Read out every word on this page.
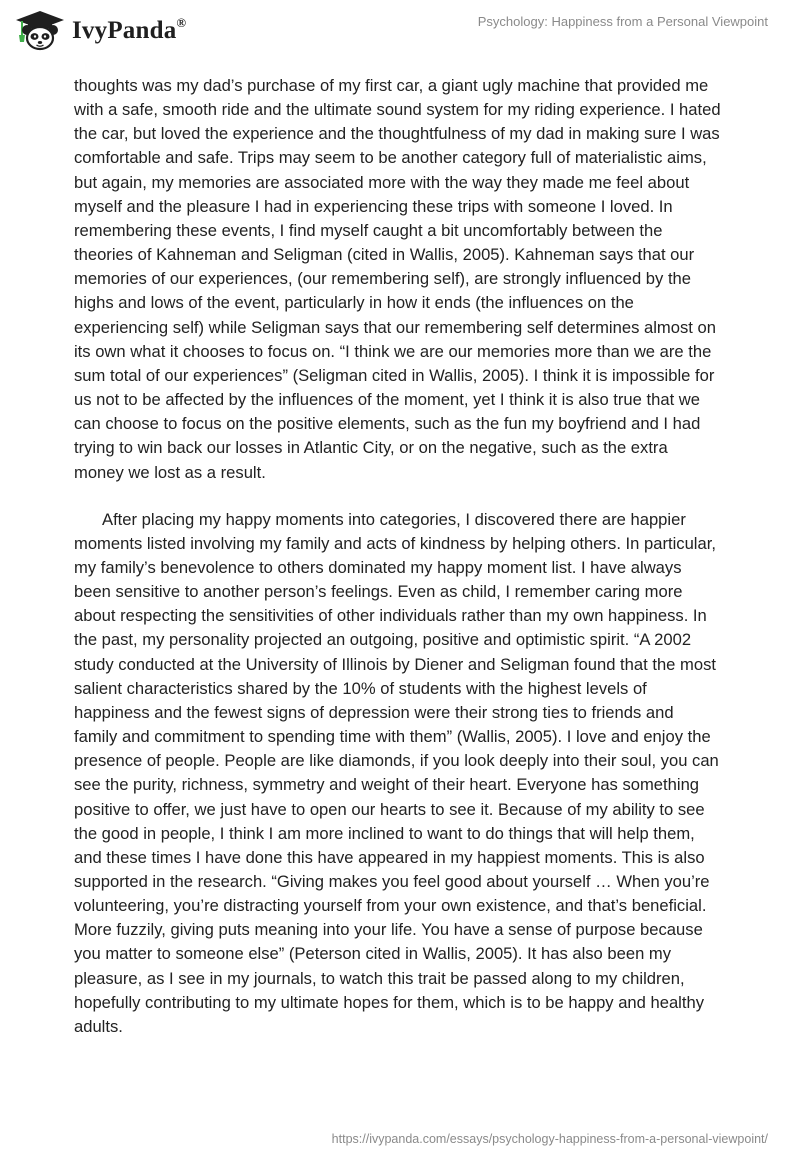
IvyPanda®	Psychology: Happiness from a Personal Viewpoint

thoughts was my dad’s purchase of my first car, a giant ugly machine that provided me
with a safe, smooth ride and the ultimate sound system for my riding experience. I hated
the car, but loved the experience and the thoughtfulness of my dad in making sure I was
comfortable and safe. Trips may seem to be another category full of materialistic aims,
but again, my memories are associated more with the way they made me feel about
myself and the pleasure I had in experiencing these trips with someone I loved. In
remembering these events, I find myself caught a bit uncomfortably between the
theories of Kahneman and Seligman (cited in Wallis, 2005). Kahneman says that our
memories of our experiences, (our remembering self), are strongly influenced by the
highs and lows of the event, particularly in how it ends (the influences on the
experiencing self) while Seligman says that our remembering self determines almost on
its own what it chooses to focus on. “I think we are our memories more than we are the
sum total of our experiences” (Seligman cited in Wallis, 2005). I think it is impossible for
us not to be affected by the influences of the moment, yet I think it is also true that we
can choose to focus on the positive elements, such as the fun my boyfriend and I had
trying to win back our losses in Atlantic City, or on the negative, such as the extra
money we lost as a result.

After placing my happy moments into categories, I discovered there are happier
moments listed involving my family and acts of kindness by helping others. In particular,
my family’s benevolence to others dominated my happy moment list. I have always
been sensitive to another person’s feelings. Even as child, I remember caring more
about respecting the sensitivities of other individuals rather than my own happiness. In
the past, my personality projected an outgoing, positive and optimistic spirit. “A 2002
study conducted at the University of Illinois by Diener and Seligman found that the most
salient characteristics shared by the 10% of students with the highest levels of
happiness and the fewest signs of depression were their strong ties to friends and
family and commitment to spending time with them” (Wallis, 2005). I love and enjoy the
presence of people. People are like diamonds, if you look deeply into their soul, you can
see the purity, richness, symmetry and weight of their heart. Everyone has something
positive to offer, we just have to open our hearts to see it. Because of my ability to see
the good in people, I think I am more inclined to want to do things that will help them,
and these times I have done this have appeared in my happiest moments. This is also
supported in the research. “Giving makes you feel good about yourself … When you’re
volunteering, you’re distracting yourself from your own existence, and that’s beneficial.
More fuzzily, giving puts meaning into your life. You have a sense of purpose because
you matter to someone else” (Peterson cited in Wallis, 2005). It has also been my
pleasure, as I see in my journals, to watch this trait be passed along to my children,
hopefully contributing to my ultimate hopes for them, which is to be happy and healthy
adults.

https://ivypanda.com/essays/psychology-happiness-from-a-personal-viewpoint/
